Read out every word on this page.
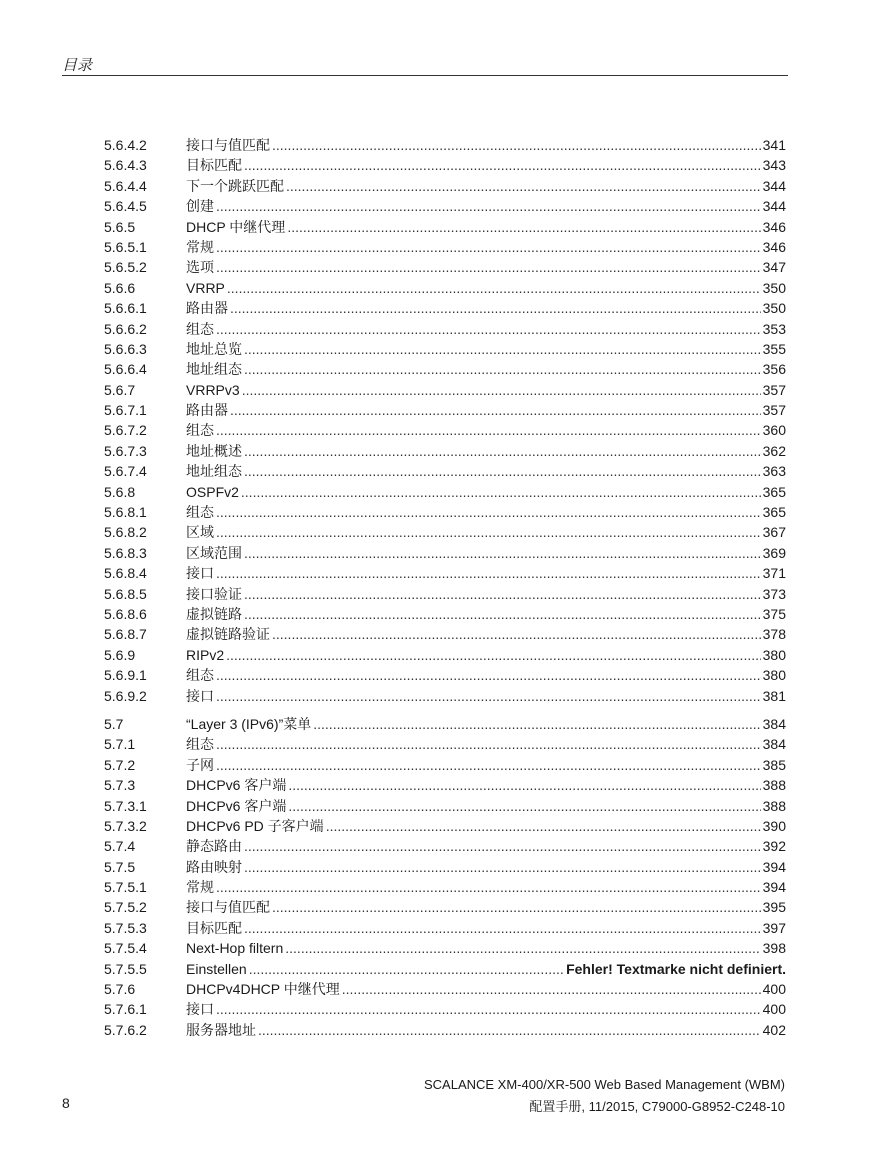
目录
5.6.4.2	接口与值匹配 .....	341
5.6.4.3	目标匹配 .....	343
5.6.4.4	下一个跳跃匹配 .....	344
5.6.4.5	创建 .....	344
5.6.5	DHCP 中继代理 .....	346
5.6.5.1	常规 .....	346
5.6.5.2	选项 .....	347
5.6.6	VRRP .....	350
5.6.6.1	路由器 .....	350
5.6.6.2	组态 .....	353
5.6.6.3	地址总览 .....	355
5.6.6.4	地址组态 .....	356
5.6.7	VRRPv3 .....	357
5.6.7.1	路由器 .....	357
5.6.7.2	组态 .....	360
5.6.7.3	地址概述 .....	362
5.6.7.4	地址组态 .....	363
5.6.8	OSPFv2 .....	365
5.6.8.1	组态 .....	365
5.6.8.2	区域 .....	367
5.6.8.3	区域范围 .....	369
5.6.8.4	接口 .....	371
5.6.8.5	接口验证 .....	373
5.6.8.6	虚拟链路 .....	375
5.6.8.7	虚拟链路验证 .....	378
5.6.9	RIPv2 .....	380
5.6.9.1	组态 .....	380
5.6.9.2	接口 .....	381
5.7	“Layer 3 (IPv6)”菜单 .....	384
5.7.1	组态 .....	384
5.7.2	子网 .....	385
5.7.3	DHCPv6 客户端 .....	388
5.7.3.1	DHCPv6 客户端 .....	388
5.7.3.2	DHCPv6 PD 子客户端 .....	390
5.7.4	静态路由 .....	392
5.7.5	路由映射 .....	394
5.7.5.1	常规 .....	394
5.7.5.2	接口与值匹配 .....	395
5.7.5.3	目标匹配 .....	397
5.7.5.4	Next-Hop filtern .....	398
5.7.5.5	Einstellen .....	Fehler! Textmarke nicht definiert.
5.7.6	DHCPv4DHCP 中继代理 .....	400
5.7.6.1	接口 .....	400
5.7.6.2	服务器地址 .....	402
8
SCALANCE XM-400/XR-500 Web Based Management (WBM)
配置手册, 11/2015, C79000-G8952-C248-10
